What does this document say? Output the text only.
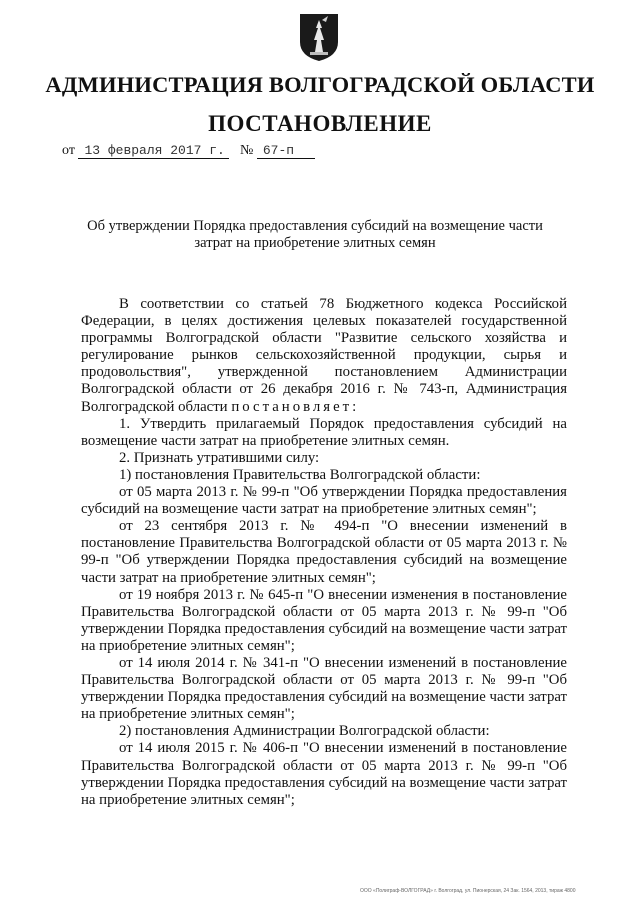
АДМИНИСТРАЦИЯ ВОЛГОГРАДСКОЙ ОБЛАСТИ
ПОСТАНОВЛЕНИЕ
от 13 февраля 2017 г.	№ 67-п
Об утверждении Порядка предоставления субсидий на возмещение части затрат на приобретение элитных семян

В соответствии со статьей 78 Бюджетного кодекса Российской Федерации, в целях достижения целевых показателей государственной программы Волгоградской области "Развитие сельского хозяйства и регулирование рынков сельскохозяйственной продукции, сырья и продовольствия", утвержденной постановлением Администрации Волгоградской области от 26 декабря 2016 г. № 743-п, Администрация Волгоградской области постановляет:

1. Утвердить прилагаемый Порядок предоставления субсидий на возмещение части затрат на приобретение элитных семян.

2. Признать утратившими силу:

1) постановления Правительства Волгоградской области:

от 05 марта 2013 г. № 99-п "Об утверждении Порядка предоставления субсидий на возмещение части затрат на приобретение элитных семян";

от 23 сентября 2013 г. № 494-п "О внесении изменений в постановление Правительства Волгоградской области от 05 марта 2013 г. № 99-п "Об утверждении Порядка предоставления субсидий на возмещение части затрат на приобретение элитных семян";

от 19 ноября 2013 г. № 645-п "О внесении изменения в постановление Правительства Волгоградской области от 05 марта 2013 г. № 99-п "Об утверждении Порядка предоставления субсидий на возмещение части затрат на приобретение элитных семян";

от 14 июля 2014 г. № 341-п "О внесении изменений в постановление Правительства Волгоградской области от 05 марта 2013 г. № 99-п "Об утверждении Порядка предоставления субсидий на возмещение части затрат на приобретение элитных семян";

2) постановления Администрации Волгоградской области:

от 14 июля 2015 г. № 406-п "О внесении изменений в постановление Правительства Волгоградской области от 05 марта 2013 г. № 99-п "Об утверждении Порядка предоставления субсидий на возмещение части затрат на приобретение элитных семян";

ООО «Полиграф-ВОЛГОГРАД» г. Волгоград, ул. Пионерская, 24 Зак. 1564, 2013, тираж 4800
